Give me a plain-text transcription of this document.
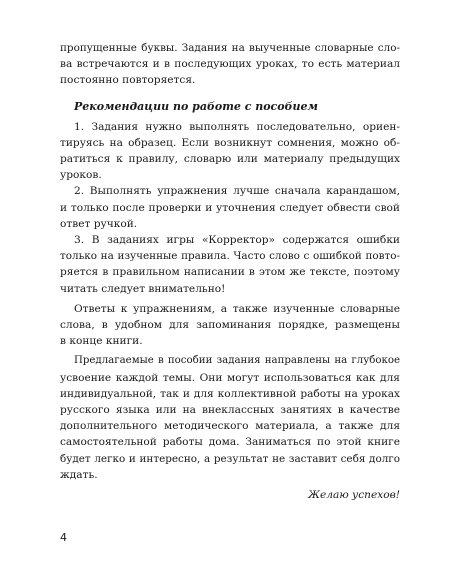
пропущенные буквы. Задания на выученные словарные сло-
ва встречаются и в последующих уроках, то есть материал
постоянно повторяется.

Рекомендации по работе с пособием

1. Задания нужно выполнять последовательно, ориен-
тируясь на образец. Если возникнут сомнения, можно об-
ратиться к правилу, словарю или материалу предыдущих
уроков.

2. Выполнять упражнения лучше сначала карандашом,
и только после проверки и уточнения следует обвести свой
ответ ручкой.

3. В заданиях игры «Корректор» содержатся ошибки
только на изученные правила. Часто слово с ошибкой повто-
ряется в правильном написании в этом же тексте, поэтому
читать следует внимательно!

Ответы к упражнениям, а также изученные словарные
слова, в удобном для запоминания порядке, размещены
в конце книги.

Предлагаемые в пособии задания направлены на глубокое
усвоение каждой темы. Они могут использоваться как для
индивидуальной, так и для коллективной работы на уроках
русского языка или на внеклассных занятиях в качестве
дополнительного методического материала, а также для
самостоятельной работы дома. Заниматься по этой книге
будет легко и интересно, а результат не заставит себя долго
ждать.

Желаю успехов!

4
